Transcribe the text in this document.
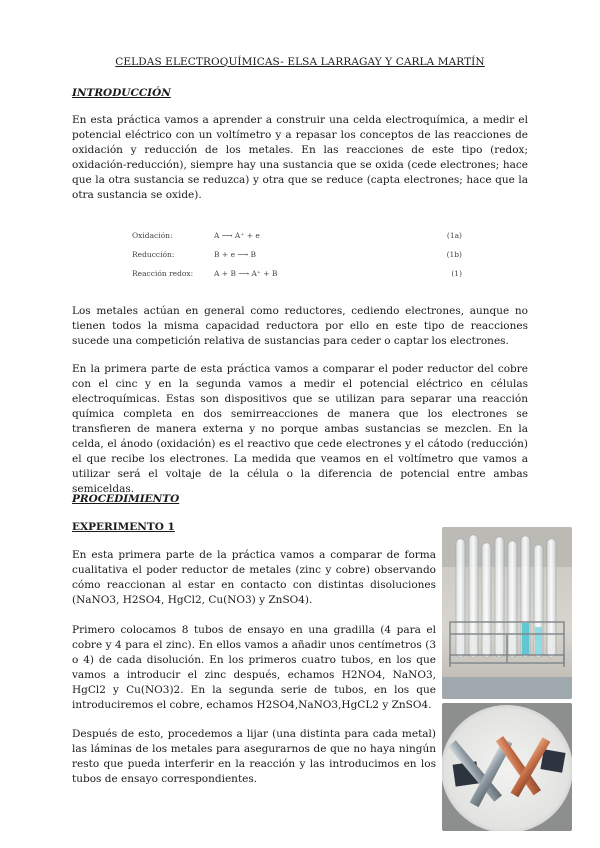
CELDAS ELECTROQUÍMICAS- ELSA LARRAGAY Y CARLA MARTÍN
INTRODUCCIÓN

En esta práctica vamos a aprender a construir una celda electroquímica, a medir el potencial eléctrico con un voltímetro y a repasar los conceptos de las reacciones de oxidación y reducción de los metales. En las reacciones de este tipo (redox; oxidación-reducción), siempre hay una sustancia que se oxida (cede electrones; hace que la otra sustancia se reduzca) y otra que se reduce (capta electrones; hace que la otra sustancia se oxide).

Oxidación:	A ⟶ A⁺ + e	(1a)
Reducción:	B + e ⟶ B	(1b)
Reacción redox:	A + B ⟶ A⁺ + B	(1)

Los metales actúan en general como reductores, cediendo electrones, aunque no tienen todos la misma capacidad reductora por ello en este tipo de reacciones sucede una competición relativa de sustancias para ceder o captar los electrones.

En la primera parte de esta práctica vamos a comparar el poder reductor del cobre con el cinc y en la segunda vamos a medir el potencial eléctrico en células electroquímicas. Estas son dispositivos que se utilizan para separar una reacción química completa en dos semirreacciones de manera que los electrones se transfieren de manera externa y no porque ambas sustancias se mezclen. En la celda, el ánodo (oxidación) es el reactivo que cede electrones y el cátodo (reducción) el que recibe los electrones. La medida que veamos en el voltímetro que vamos a utilizar será el voltaje de la célula o la diferencia de potencial entre ambas semiceldas.

PROCEDIMIENTO
EXPERIMENTO 1

En esta primera parte de la práctica vamos a comparar de forma cualitativa el poder reductor de metales (zinc y cobre) observando cómo reaccionan al estar en contacto con distintas disoluciones (NaNO3, H2SO4, HgCl2, Cu(NO3) y ZnSO4).

Primero colocamos 8 tubos de ensayo en una gradilla (4 para el cobre y 4 para el zinc). En ellos vamos a añadir unos centímetros (3 o 4) de cada disolución. En los primeros cuatro tubos, en los que vamos a introducir el zinc después, echamos H2NO4, NaNO3, HgCl2 y Cu(NO3)2. En la segunda serie de tubos, en los que introduciremos el cobre, echamos H2SO4,NaNO3,HgCL2 y ZnSO4.

Después de esto, procedemos a lijar (una distinta para cada metal) las láminas de los metales para asegurarnos de que no haya ningún resto que pueda interferir en la reacción y las introducimos en los tubos de ensayo correspondientes.
